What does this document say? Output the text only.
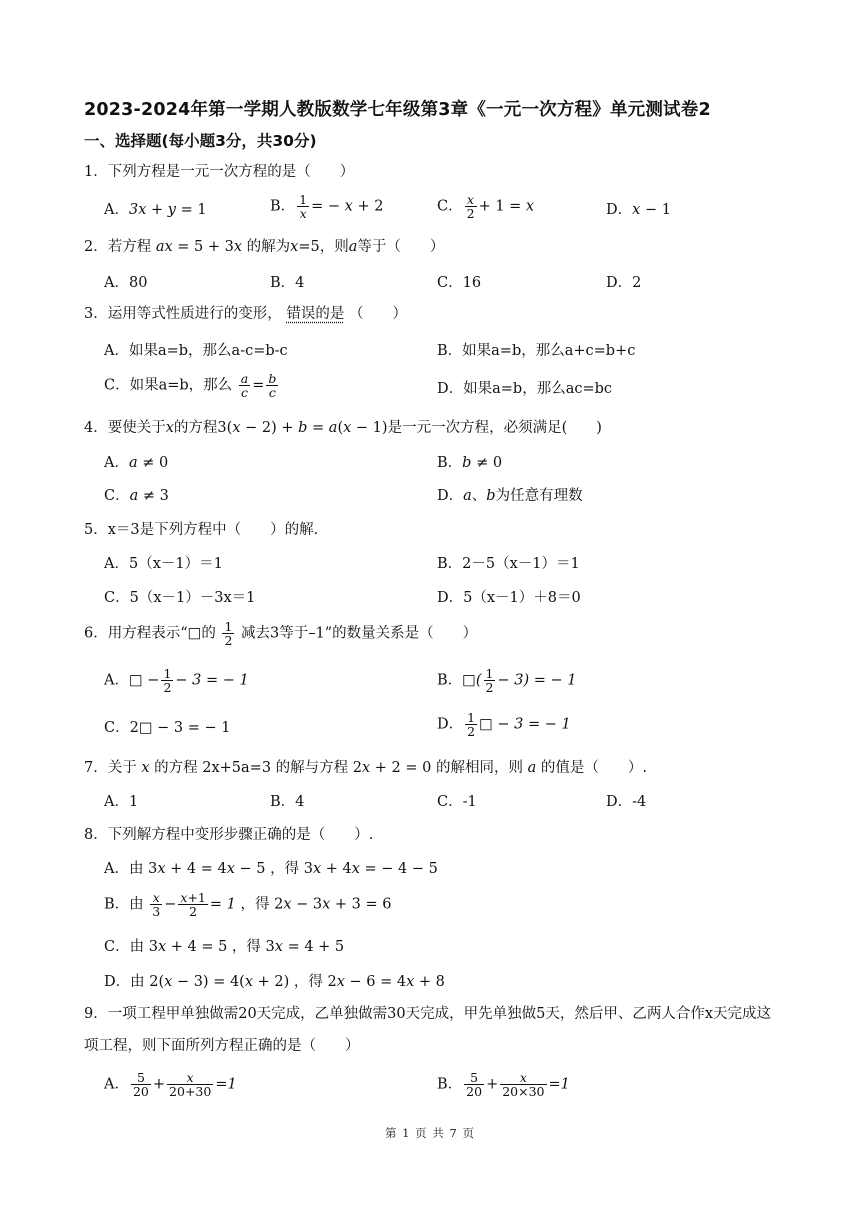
2023-2024年第一学期人教版数学七年级第3章《一元一次方程》单元测试卷2
一、选择题(每小题3分，共30分)
1．下列方程是一元一次方程的是（　　）
A．3x + y = 1	B． $\frac{1}{x}$ = − x + 2	C． $\frac{x}{2} + 1 = x$	D．x − 1
2．若方程 ax = 5 + 3x 的解为x=5，则a等于（　　）
A．80	B．4	C．16	D．2
3．运用等式性质进行的变形， 错误的是 （　　）
A．如果a=b，那么a-c=b-c	B．如果a=b，那么a+c=b+c
C．如果a=b，那么 $\frac{a}{c} = \frac{b}{c}$	D．如果a=b，那么ac=bc
4．要使关于x的方程3(x − 2) + b = a(x − 1)是一元一次方程，必须满足(　　)
A．a ≠ 0	B．b ≠ 0
C．a ≠ 3	D．a、b为任意有理数
5．x＝3是下列方程中（　　）的解.
A．5（x－1）＝1	B．2－5（x－1）＝1
C．5（x－1）－3x＝1	D．5（x－1）＋8＝0
6．用方程表示“□的 $\frac{1}{2}$ 减去3等于–1”的数量关系是（　　）
A．□ − $\frac{1}{2} - 3$ = − 1	B．□( $\frac{1}{2} - 3$) = − 1
C．2□ − 3 = − 1	D． $\frac{1}{2}$ □ − 3 = − 1
7．关于 x 的方程 2x+5a=3 的解与方程 2x + 2 = 0 的解相同，则 a 的值是（　　）.
A．1	B．4	C．-1	D．-4
8．下列解方程中变形步骤正确的是（　　）.
A．由 3x + 4 = 4x − 5 ，得 3x + 4x = − 4 − 5
B．由 $\frac{x}{3} - \frac{x+1}{2} = 1$ ，得 2x − 3x + 3 = 6
C．由 3x + 4 = 5 ，得 3x = 4 + 5
D．由 2(x − 3) = 4(x + 2) ，得 2x − 6 = 4x + 8
9．一项工程甲单独做需20天完成，乙单独做需30天完成，甲先单独做5天，然后甲、乙两人合作x天完成这项工程，则下面所列方程正确的是（　　）
A． $\frac{5}{20} + \frac{x}{20+30} =1$	B． $\frac{5}{20} + \frac{x}{20\times 30} =1$
第 1 页 共 7 页
